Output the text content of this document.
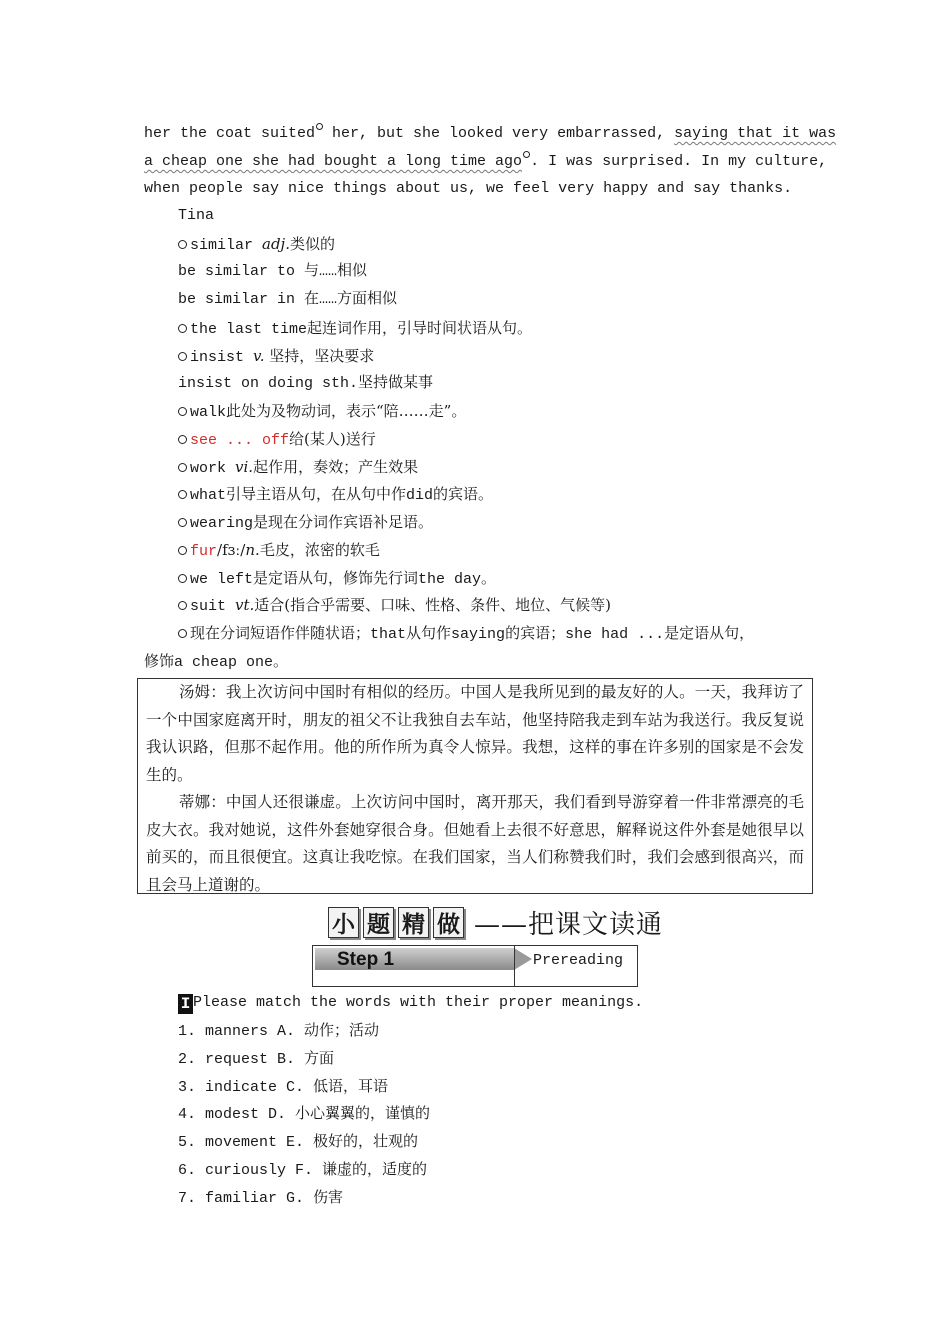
her the coat suited her, but she looked very embarrassed, saying that it was
a cheap one she had bought a long time ago . I was surprised. In my culture,
when people say nice things about us, we feel very happy and say thanks.
Tina
similar adj.类似的
be similar to 与……相似
be similar in 在……方面相似
the last time起连词作用，引导时间状语从句。
insist v. 坚持，坚决要求
insist on doing sth.坚持做某事
walk此处为及物动词，表示“陪……走”。
see ... off给(某人)送行
work vi.起作用，奏效；产生效果
what引导主语从句，在从句中作did的宾语。
wearing是现在分词作宾语补足语。
fur/fɜː/n.毛皮，浓密的软毛
we left是定语从句，修饰先行词the day。
suit vt.适合(指合乎需要、口味、性格、条件、地位、气候等)
现在分词短语作伴随状语；that从句作saying的宾语；she had ...是定语从句，
修饰a cheap one。
汤姆：我上次访问中国时有相似的经历。中国人是我所见到的最友好的人。一天，我拜访了一个中国家庭离开时，朋友的祖父不让我独自去车站，他坚持陪我走到车站为我送行。我反复说我认识路，但那不起作用。他的所作所为真令人惊异。我想，这样的事在许多别的国家是不会发生的。
蒂娜：中国人还很谦虚。上次访问中国时，离开那天，我们看到导游穿着一件非常漂亮的毛皮大衣。我对她说，这件外套她穿很合身。但她看上去很不好意思，解释说这件外套是她很早以前买的，而且很便宜。这真让我吃惊。在我们国家，当人们称赞我们时，我们会感到很高兴，而且会马上道谢的。
小 题 精 做 ——把课文读通
Step 1	Prereading
I Please match the words with their proper meanings.
1. manners A. 动作；活动
2. request B. 方面
3. indicate C. 低语，耳语
4. modest D. 小心翼翼的，谨慎的
5. movement E. 极好的，壮观的
6. curiously F. 谦虚的，适度的
7. familiar G. 伤害
